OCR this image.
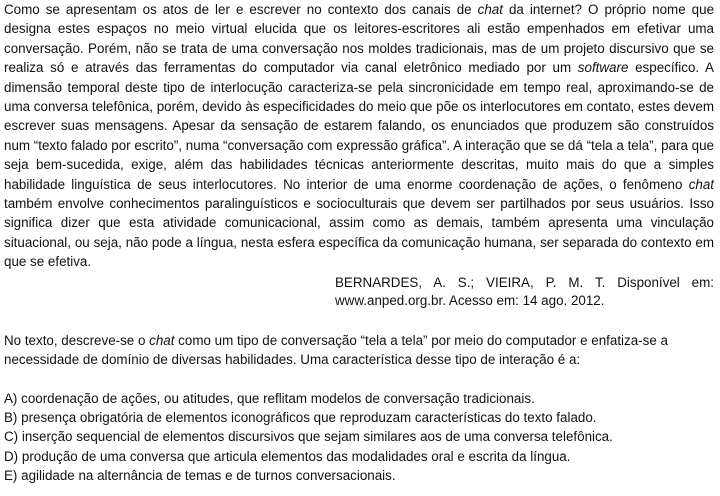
Como se apresentam os atos de ler e escrever no contexto dos canais de chat da internet? O próprio nome que designa estes espaços no meio virtual elucida que os leitores-escritores ali estão empenhados em efetivar uma conversação. Porém, não se trata de uma conversação nos moldes tradicionais, mas de um projeto discursivo que se realiza só e através das ferramentas do computador via canal eletrônico mediado por um software específico. A dimensão temporal deste tipo de interlocução caracteriza-se pela sincronicidade em tempo real, aproximando-se de uma conversa telefônica, porém, devido às especificidades do meio que põe os interlocutores em contato, estes devem escrever suas mensagens. Apesar da sensação de estarem falando, os enunciados que produzem são construídos num “texto falado por escrito”, numa “conversação com expressão gráfica”. A interação que se dá “tela a tela”, para que seja bem-sucedida, exige, além das habilidades técnicas anteriormente descritas, muito mais do que a simples habilidade linguística de seus interlocutores. No interior de uma enorme coordenação de ações, o fenômeno chat também envolve conhecimentos paralinguísticos e socioculturais que devem ser partilhados por seus usuários. Isso significa dizer que esta atividade comunicacional, assim como as demais, também apresenta uma vinculação situacional, ou seja, não pode a língua, nesta esfera específica da comunicação humana, ser separada do contexto em que se efetiva.

BERNARDES, A. S.; VIEIRA, P. M. T. Disponível em: www.anped.org.br. Acesso em: 14 ago. 2012.

No texto, descreve-se o chat como um tipo de conversação “tela a tela” por meio do computador e enfatiza-se a necessidade de domínio de diversas habilidades. Uma característica desse tipo de interação é a:

A) coordenação de ações, ou atitudes, que reflitam modelos de conversação tradicionais.
B) presença obrigatória de elementos iconográficos que reproduzam características do texto falado.
C) inserção sequencial de elementos discursivos que sejam similares aos de uma conversa telefônica.
D) produção de uma conversa que articula elementos das modalidades oral e escrita da língua.
E) agilidade na alternância de temas e de turnos conversacionais.
